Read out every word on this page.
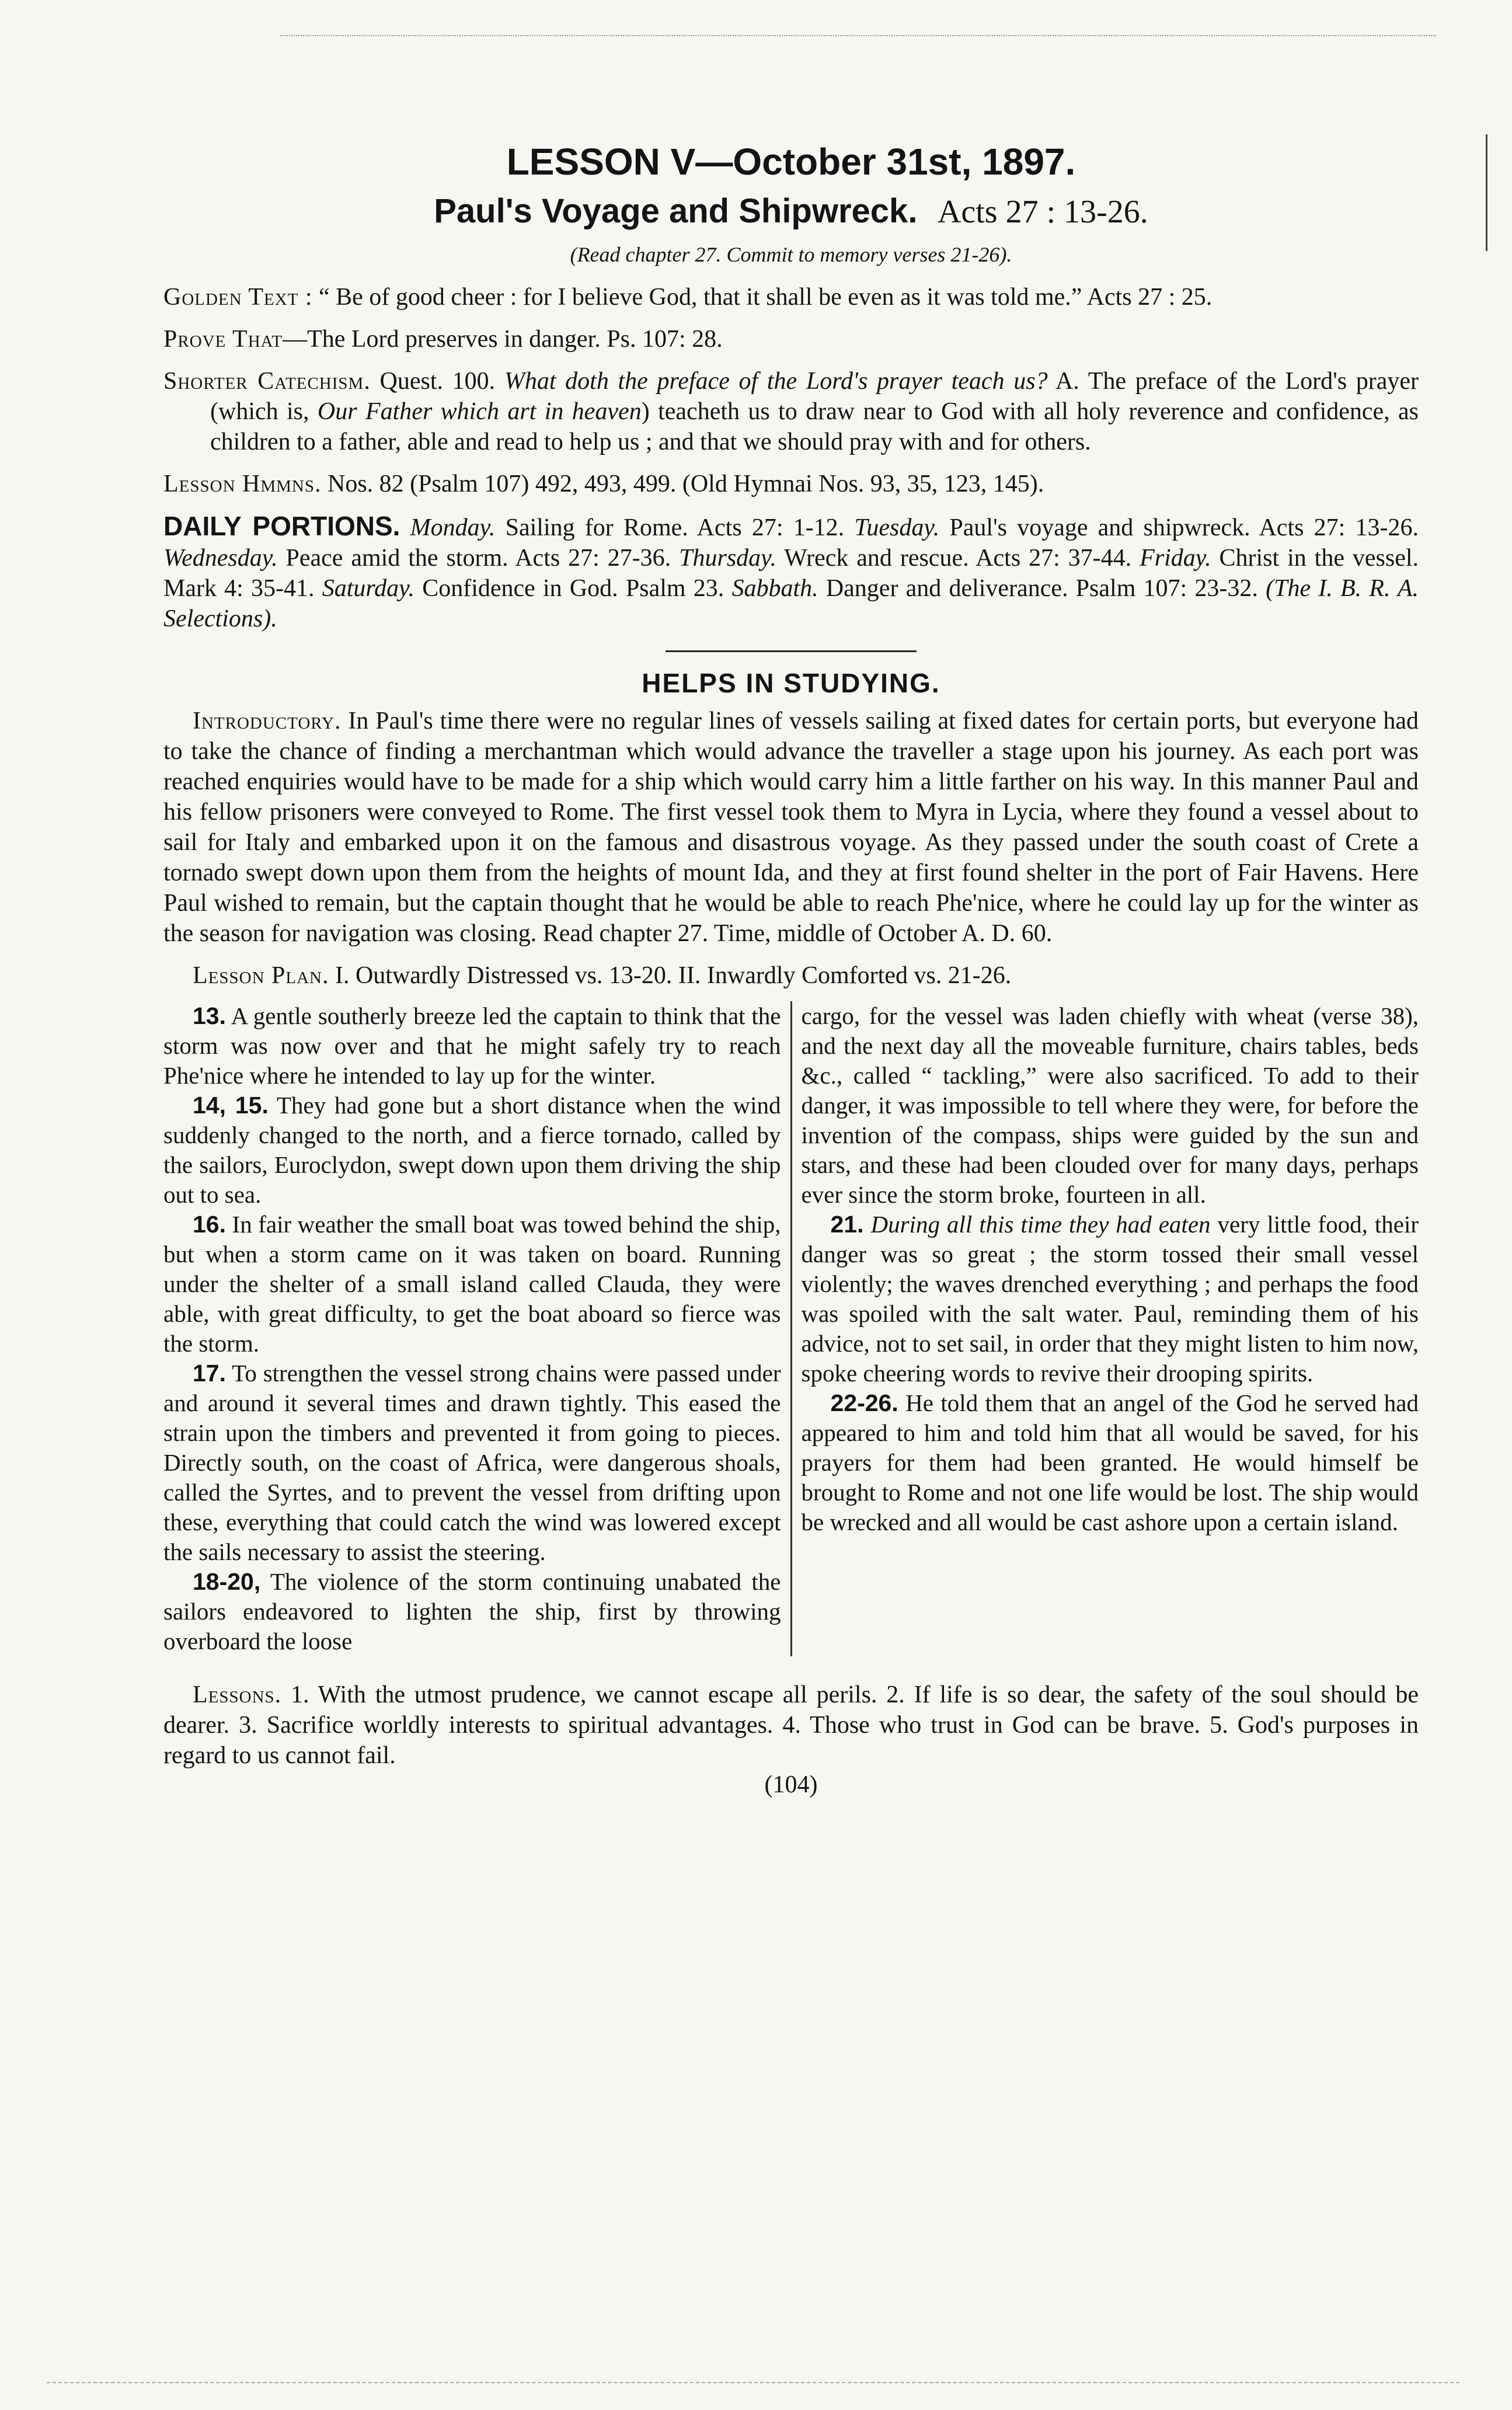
LESSON V—October 31st, 1897.
Paul's Voyage and Shipwreck. Acts 27 : 13-26.
(Read chapter 27. Commit to memory verses 21-26).

Golden Text : “ Be of good cheer : for I believe God, that it shall be even as it was told me.” Acts 27 : 25.

Prove That—The Lord preserves in danger. Ps. 107: 28.

Shorter Catechism. Quest. 100. What doth the preface of the Lord's prayer teach us? A. The preface of the Lord's prayer (which is, Our Father which art in heaven) teacheth us to draw near to God with all holy reverence and confidence, as children to a father, able and read to help us ; and that we should pray with and for others.

Lesson Hmmns. Nos. 82 (Psalm 107) 492, 493, 499. (Old Hymnai Nos. 93, 35, 123, 145).

DAILY PORTIONS. Monday. Sailing for Rome. Acts 27: 1-12. Tuesday. Paul's voyage and shipwreck. Acts 27: 13-26. Wednesday. Peace amid the storm. Acts 27: 27-36. Thursday. Wreck and rescue. Acts 27: 37-44. Friday. Christ in the vessel. Mark 4: 35-41. Saturday. Confidence in God. Psalm 23. Sabbath. Danger and deliverance. Psalm 107: 23-32. (The I. B. R. A. Selections).

HELPS IN STUDYING.

Introductory. In Paul's time there were no regular lines of vessels sailing at fixed dates for certain ports, but everyone had to take the chance of finding a merchantman which would advance the traveller a stage upon his journey. As each port was reached enquiries would have to be made for a ship which would carry him a little farther on his way. In this manner Paul and his fellow prisoners were conveyed to Rome. The first vessel took them to Myra in Lycia, where they found a vessel about to sail for Italy and embarked upon it on the famous and disastrous voyage. As they passed under the south coast of Crete a tornado swept down upon them from the heights of mount Ida, and they at first found shelter in the port of Fair Havens. Here Paul wished to remain, but the captain thought that he would be able to reach Phe'nice, where he could lay up for the winter as the season for navigation was closing. Read chapter 27. Time, middle of October A. D. 60.

Lesson Plan. I. Outwardly Distressed vs. 13-20. II. Inwardly Comforted vs. 21-26.

13. A gentle southerly breeze led the captain to think that the storm was now over and that he might safely try to reach Phe'nice where he intended to lay up for the winter.

14, 15. They had gone but a short distance when the wind suddenly changed to the north, and a fierce tornado, called by the sailors, Euroclydon, swept down upon them driving the ship out to sea.

16. In fair weather the small boat was towed behind the ship, but when a storm came on it was taken on board. Running under the shelter of a small island called Clauda, they were able, with great difficulty, to get the boat aboard so fierce was the storm.

17. To strengthen the vessel strong chains were passed under and around it several times and drawn tightly. This eased the strain upon the timbers and prevented it from going to pieces. Directly south, on the coast of Africa, were dangerous shoals, called the Syrtes, and to prevent the vessel from drifting upon these, everything that could catch the wind was lowered except the sails necessary to assist the steering.

18-20, The violence of the storm continuing unabated the sailors endeavored to lighten the ship, first by throwing overboard the loose

cargo, for the vessel was laden chiefly with wheat (verse 38), and the next day all the moveable furniture, chairs tables, beds &c., called “ tackling,” were also sacrificed. To add to their danger, it was impossible to tell where they were, for before the invention of the compass, ships were guided by the sun and stars, and these had been clouded over for many days, perhaps ever since the storm broke, fourteen in all.

21. During all this time they had eaten very little food, their danger was so great ; the storm tossed their small vessel violently; the waves drenched everything ; and perhaps the food was spoiled with the salt water. Paul, reminding them of his advice, not to set sail, in order that they might listen to him now, spoke cheering words to revive their drooping spirits.

22-26. He told them that an angel of the God he served had appeared to him and told him that all would be saved, for his prayers for them had been granted. He would himself be brought to Rome and not one life would be lost. The ship would be wrecked and all would be cast ashore upon a certain island.

Lessons. 1. With the utmost prudence, we cannot escape all perils. 2. If life is so dear, the safety of the soul should be dearer. 3. Sacrifice worldly interests to spiritual advantages. 4. Those who trust in God can be brave. 5. God's purposes in regard to us cannot fail.

(104)
